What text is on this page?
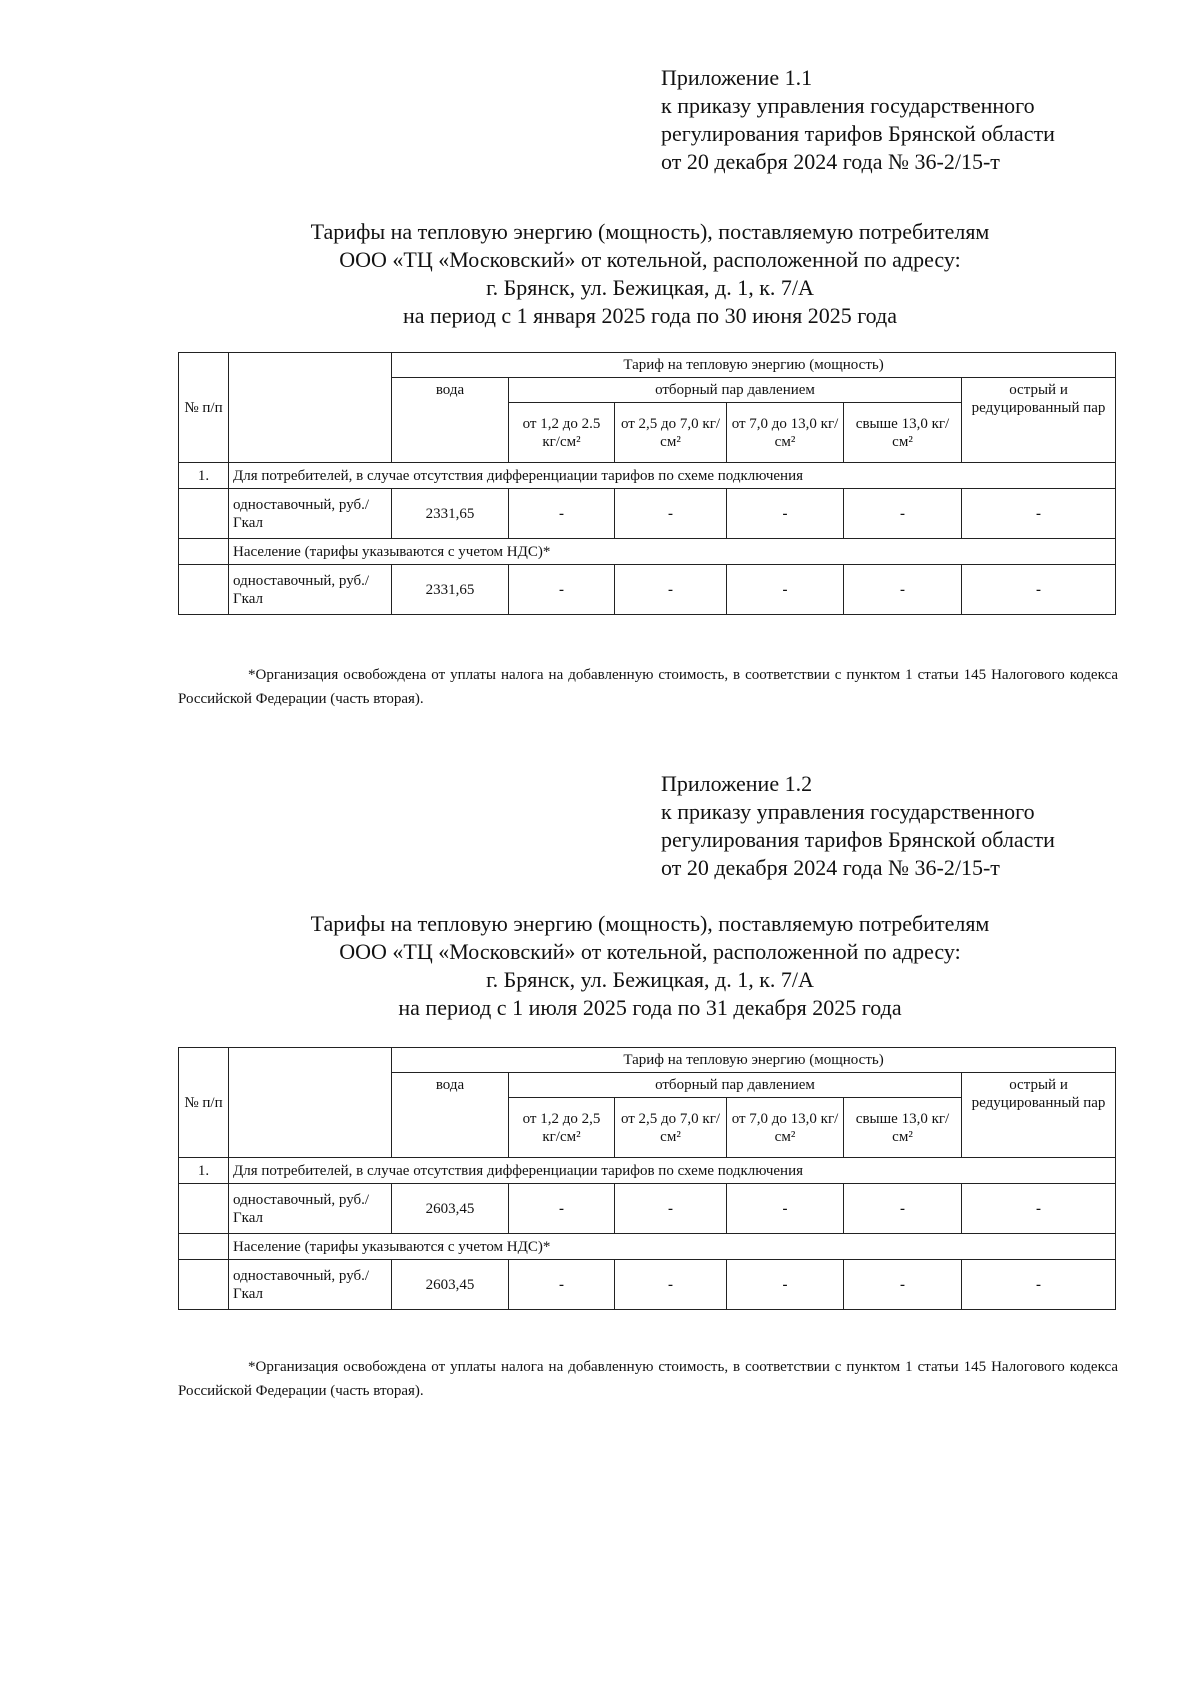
Приложение 1.1
к приказу управления государственного
регулирования тарифов Брянской области
от 20 декабря 2024 года № 36-2/15-т
Тарифы на тепловую энергию (мощность), поставляемую потребителям
ООО «ТЦ «Московский» от котельной, расположенной по адресу:
г. Брянск, ул. Бежицкая, д. 1, к. 7/А
на период с 1 января 2025 года по 30 июня 2025 года
№ п/п		Тариф на тепловую энергию (мощность)					
		вода	отборный пар давлением				острый и редуцированный пар
			от 1,2 до 2.5 кг/см²	от 2,5 до 7,0 кг/см²	от 7,0 до 13,0 кг/см²	свыше 13,0 кг/см²	
1.	Для потребителей, в случае отсутствия дифференциации тарифов по схеме подключения						
	одноставочный, руб./Гкал	2331,65	-	-	-	-	-
	Население (тарифы указываются с учетом НДС)*						
	одноставочный, руб./Гкал	2331,65	-	-	-	-	-
*Организация освобождена от уплаты налога на добавленную стоимость, в соответствии с пунктом 1 статьи 145 Налогового кодекса Российской Федерации (часть вторая).
Приложение 1.2
к приказу управления государственного
регулирования тарифов Брянской области
от 20 декабря 2024 года № 36-2/15-т
Тарифы на тепловую энергию (мощность), поставляемую потребителям
ООО «ТЦ «Московский» от котельной, расположенной по адресу:
г. Брянск, ул. Бежицкая, д. 1, к. 7/А
на период с 1 июля 2025 года по 31 декабря 2025 года
№ п/п		Тариф на тепловую энергию (мощность)					
		вода	отборный пар давлением				острый и редуцированный пар
			от 1,2 до 2,5 кг/см²	от 2,5 до 7,0 кг/см²	от 7,0 до 13,0 кг/см²	свыше 13,0 кг/см²	
1.	Для потребителей, в случае отсутствия дифференциации тарифов по схеме подключения						
	одноставочный, руб./Гкал	2603,45	-	-	-	-	-
	Население (тарифы указываются с учетом НДС)*						
	одноставочный, руб./Гкал	2603,45	-	-	-	-	-
*Организация освобождена от уплаты налога на добавленную стоимость, в соответствии с пунктом 1 статьи 145 Налогового кодекса Российской Федерации (часть вторая).
